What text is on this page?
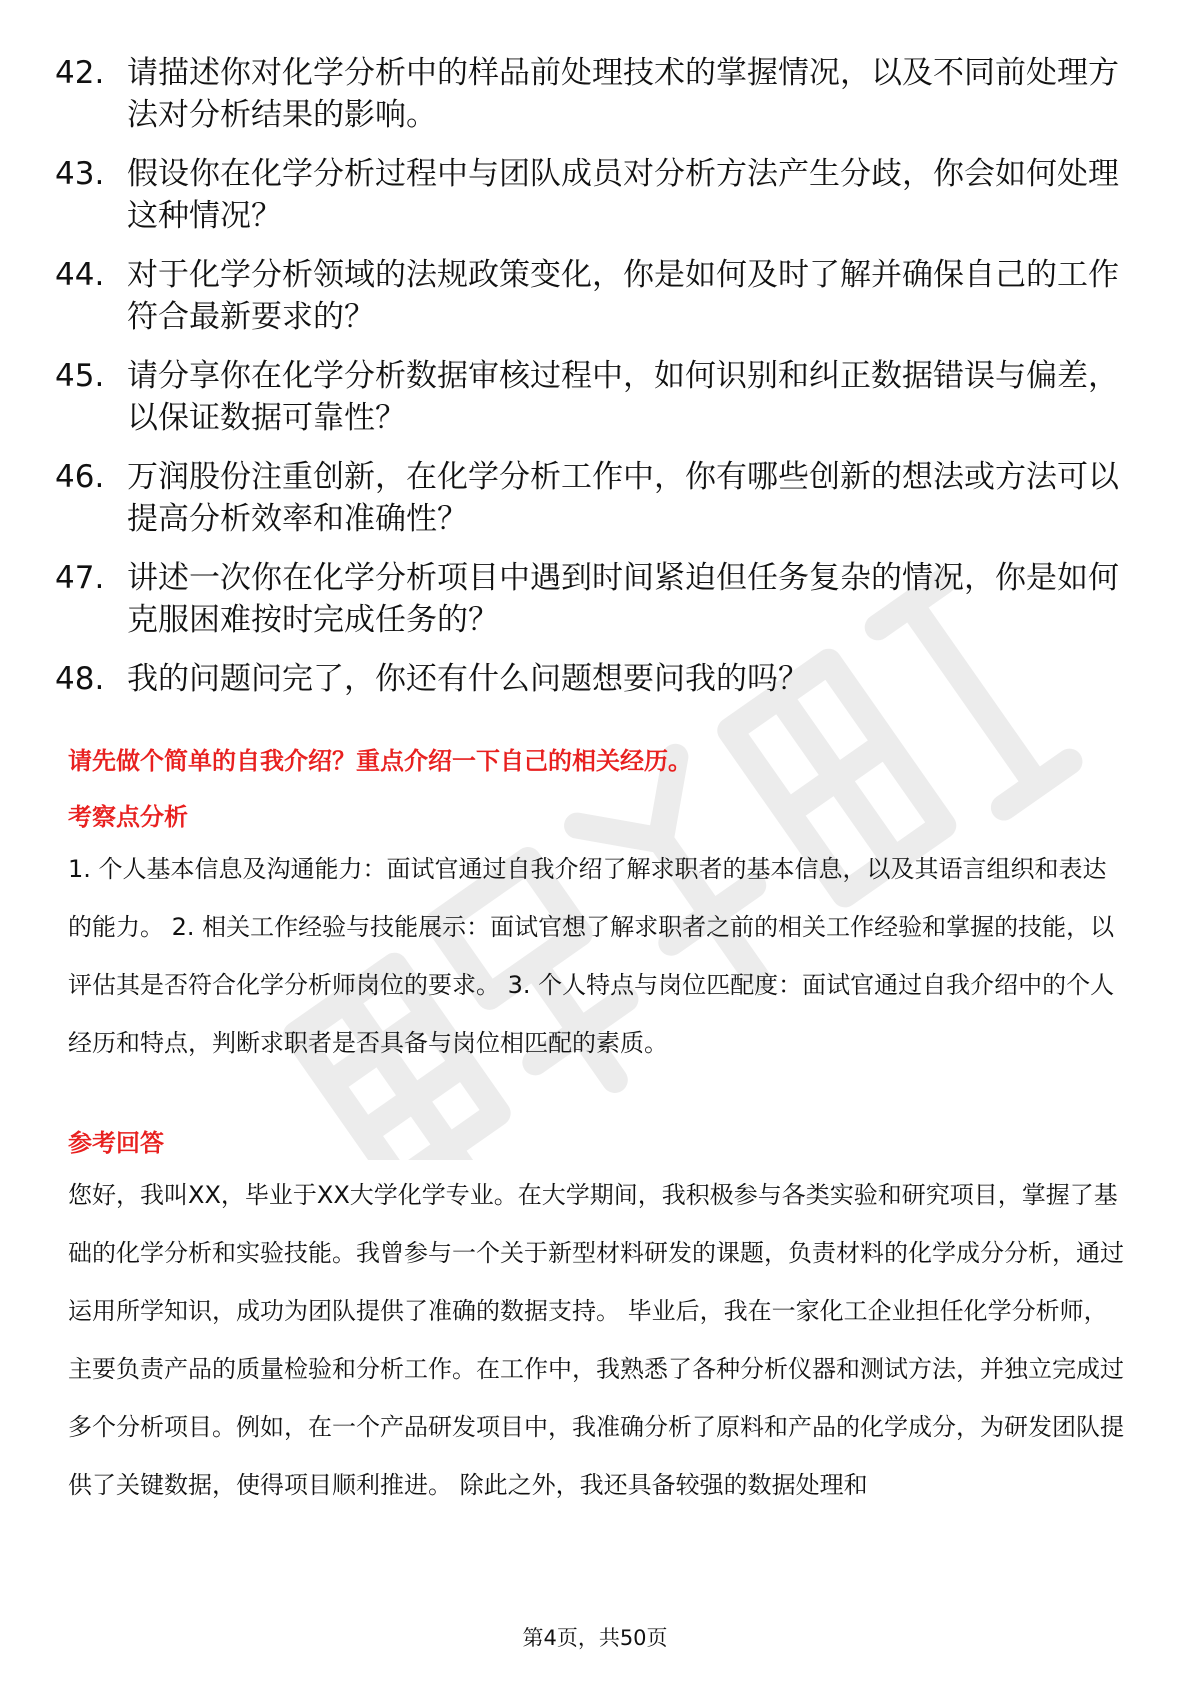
42. 请描述你对化学分析中的样品前处理技术的掌握情况，以及不同前处理方法对分析结果的影响。
43. 假设你在化学分析过程中与团队成员对分析方法产生分歧，你会如何处理这种情况？
44. 对于化学分析领域的法规政策变化，你是如何及时了解并确保自己的工作符合最新要求的？
45. 请分享你在化学分析数据审核过程中，如何识别和纠正数据错误与偏差，以保证数据可靠性？
46. 万润股份注重创新，在化学分析工作中，你有哪些创新的想法或方法可以提高分析效率和准确性？
47. 讲述一次你在化学分析项目中遇到时间紧迫但任务复杂的情况，你是如何克服困难按时完成任务的？
48. 我的问题问完了，你还有什么问题想要问我的吗？
请先做个简单的自我介绍？重点介绍一下自己的相关经历。
考察点分析
1. 个人基本信息及沟通能力：面试官通过自我介绍了解求职者的基本信息，以及其语言组织和表达的能力。 2. 相关工作经验与技能展示：面试官想了解求职者之前的相关工作经验和掌握的技能，以评估其是否符合化学分析师岗位的要求。 3. 个人特点与岗位匹配度：面试官通过自我介绍中的个人经历和特点，判断求职者是否具备与岗位相匹配的素质。
参考回答
您好，我叫XX，毕业于XX大学化学专业。在大学期间，我积极参与各类实验和研究项目，掌握了基础的化学分析和实验技能。我曾参与一个关于新型材料研发的课题，负责材料的化学成分分析，通过运用所学知识，成功为团队提供了准确的数据支持。 毕业后，我在一家化工企业担任化学分析师，主要负责产品的质量检验和分析工作。在工作中，我熟悉了各种分析仪器和测试方法，并独立完成过多个分析项目。例如，在一个产品研发项目中，我准确分析了原料和产品的化学成分，为研发团队提供了关键数据，使得项目顺利推进。 除此之外，我还具备较强的数据处理和
第4页，共50页
